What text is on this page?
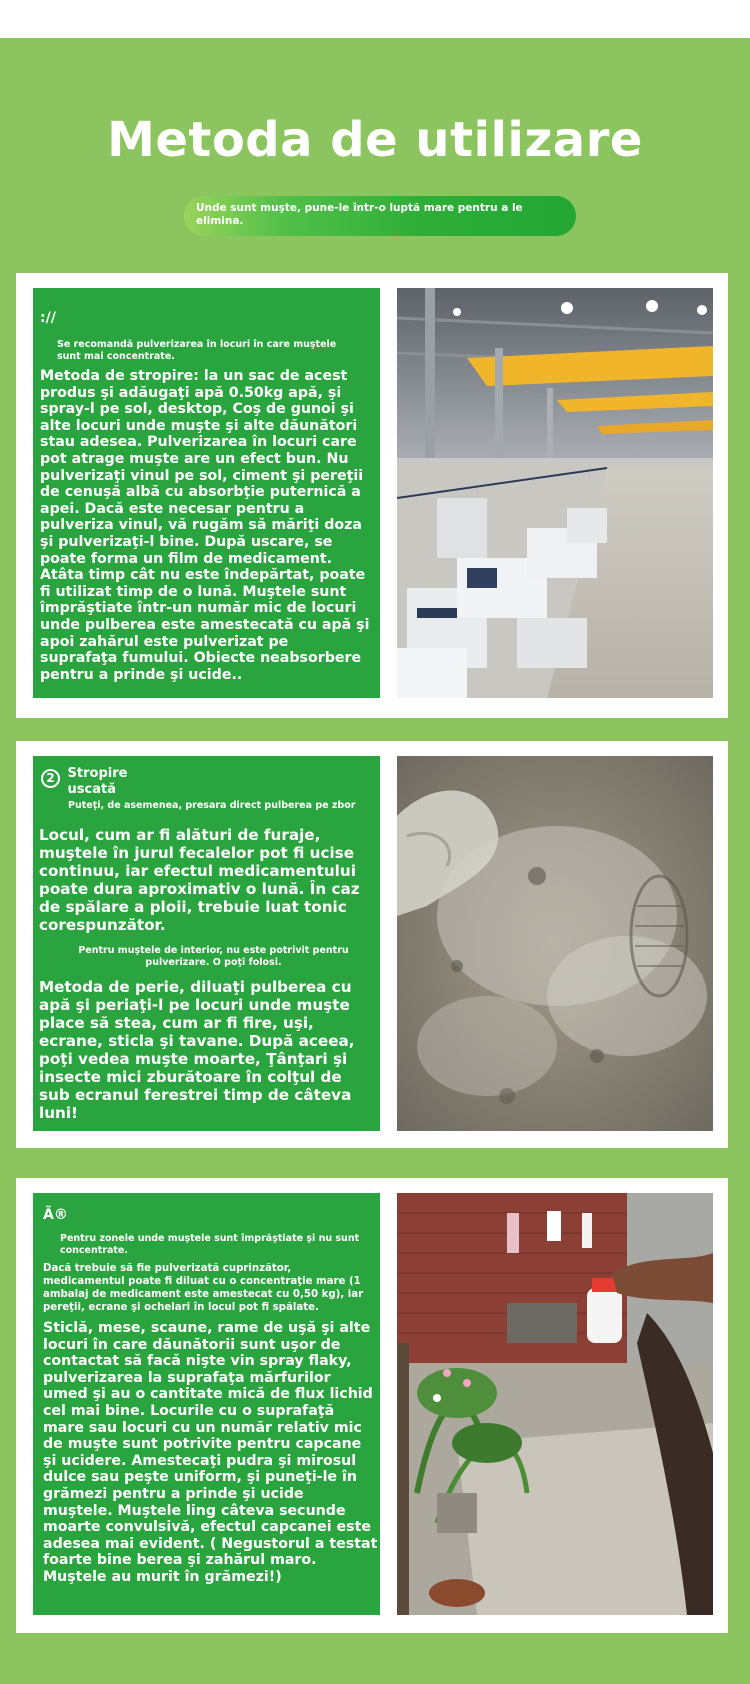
Metoda de utilizare
Unde sunt muşte, pune-le într-o luptă mare pentru a le elimina.
://
Se recomandă pulverizarea în locuri în care muştele sunt mai concentrate.
Metoda de stropire: la un sac de acest produs şi adăugaţi apă 0.50kg apă, şi spray-l pe sol, desktop, Coş de gunoi şi alte locuri unde muşte şi alte dăunători stau adesea. Pulverizarea în locuri care pot atrage muşte are un efect bun. Nu pulverizaţi vinul pe sol, ciment şi pereţii de cenuşă albă cu absorbţie puternică a apei. Dacă este necesar pentru a pulveriza vinul, vă rugăm să măriţi doza şi pulverizaţi-l bine. După uscare, se poate forma un film de medicament. Atâta timp cât nu este îndepărtat, poate fi utilizat timp de o lună. Muştele sunt împrăştiate într-un număr mic de locuri unde pulberea este amestecată cu apă şi apoi zahărul este pulverizat pe suprafaţa fumului. Obiecte neabsorbere pentru a prinde şi ucide..
2 Stropire
uscată
Puteţi, de asemenea, presara direct pulberea pe zbor
Locul, cum ar fi alături de furaje, muştele în jurul fecalelor pot fi ucise continuu, iar efectul medicamentului poate dura aproximativ o lună. În caz de spălare a ploii, trebuie luat tonic corespunzător.
Pentru muştele de interior, nu este potrivit pentru pulverizare. O poţi folosi.
Metoda de perie, diluaţi pulberea cu apă şi periaţi-l pe locuri unde muşte place să stea, cum ar fi fire, uşi, ecrane, sticla şi tavane. După aceea, poţi vedea muşte moarte, Ţânţari şi insecte mici zburătoare în colţul de sub ecranul ferestrei timp de câteva luni!
Ã®
Pentru zonele unde muştele sunt împrăştiate şi nu sunt concentrate.
Dacă trebuie să fie pulverizată cuprinzător, medicamentul poate fi diluat cu o concentraţie mare (1 ambalaj de medicament este amestecat cu 0,50 kg), iar pereţii, ecrane şi ochelari în locul pot fi spălate.
Sticlă, mese, scaune, rame de uşă şi alte locuri în care dăunătorii sunt uşor de contactat să facă nişte vin spray flaky, pulverizarea la suprafaţa mărfurilor umed şi au o cantitate mică de flux lichid cel mai bine. Locurile cu o suprafaţă mare sau locuri cu un număr relativ mic de muşte sunt potrivite pentru capcane şi ucidere. Amestecaţi pudra şi mirosul dulce sau peşte uniform, şi puneţi-le în grămezi pentru a prinde şi ucide muştele. Muştele ling câteva secunde moarte convulsivă, efectul capcanei este adesea mai evident. ( Negustorul a testat foarte bine berea şi zahărul maro. Muştele au murit în grămezi!)
